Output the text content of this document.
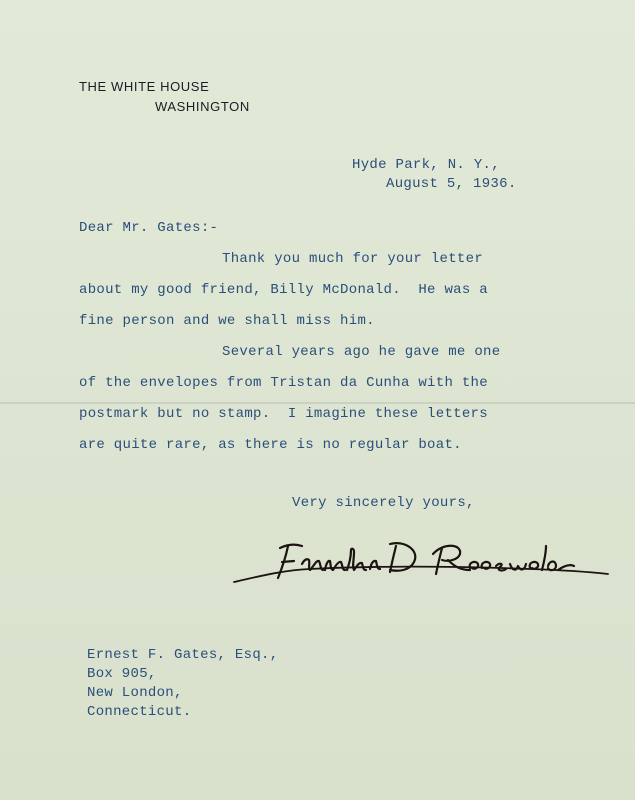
THE WHITE HOUSE
WASHINGTON
Hyde Park, N. Y.,
August 5, 1936.
Dear Mr. Gates:-
Thank you much for your letter
about my good friend, Billy McDonald.  He was a
fine person and we shall miss him.
Several years ago he gave me one
of the envelopes from Tristan da Cunha with the
postmark but no stamp.  I imagine these letters
are quite rare, as there is no regular boat.
Very sincerely yours,
Ernest F. Gates, Esq.,
Box 905,
New London,
Connecticut.
